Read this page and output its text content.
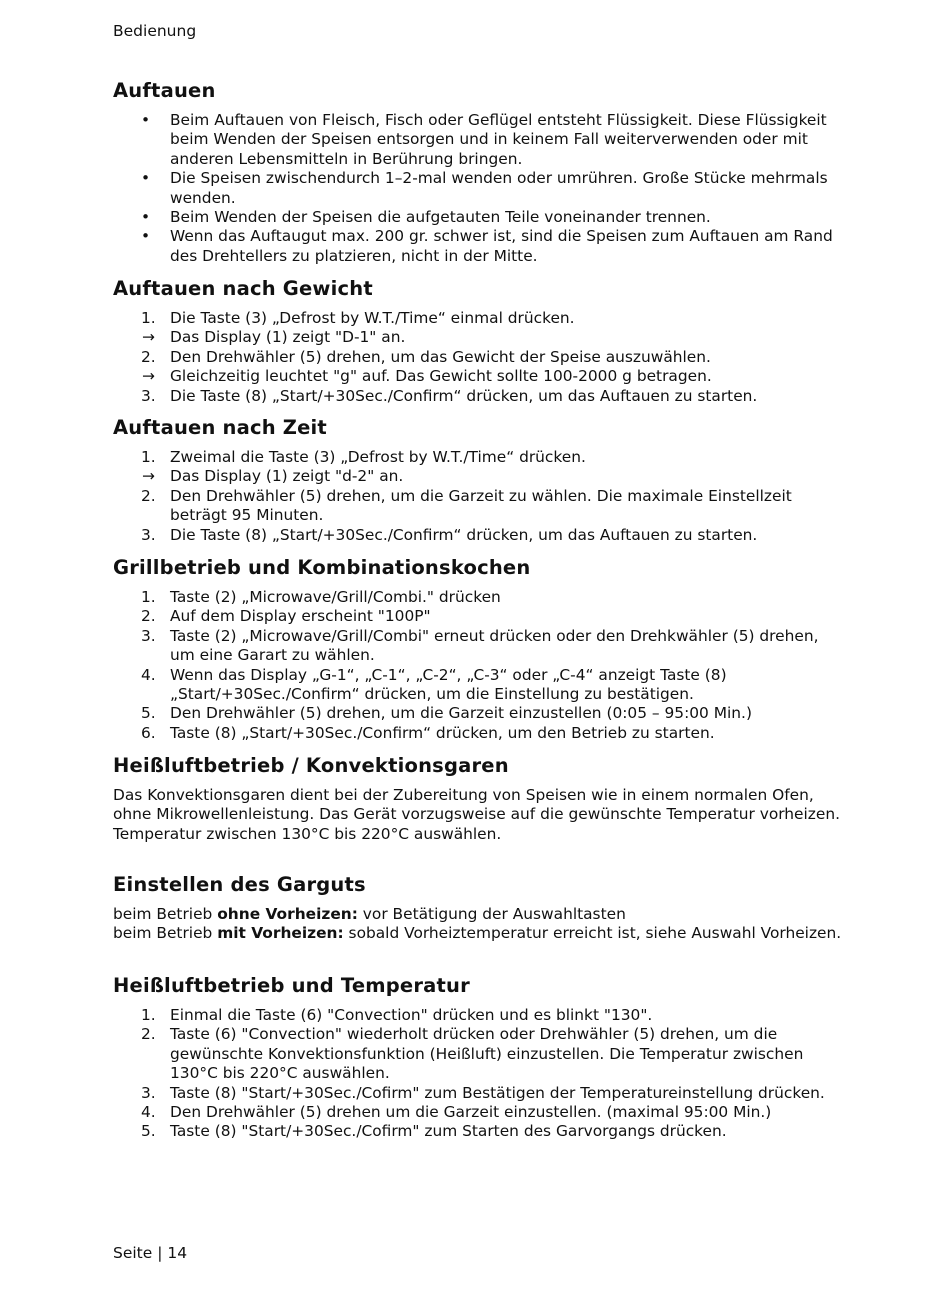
Bedienung
Auftauen
• Beim Auftauen von Fleisch, Fisch oder Geflügel entsteht Flüssigkeit. Diese Flüssigkeit beim Wenden der Speisen entsorgen und in keinem Fall weiterverwenden oder mit anderen Lebensmitteln in Berührung bringen.
• Die Speisen zwischendurch 1–2-mal wenden oder umrühren. Große Stücke mehrmals wenden.
• Beim Wenden der Speisen die aufgetauten Teile voneinander trennen.
• Wenn das Auftaugut max. 200 gr. schwer ist, sind die Speisen zum Auftauen am Rand des Drehtellers zu platzieren, nicht in der Mitte.
Auftauen nach Gewicht
1. Die Taste (3) „Defrost by W.T./Time“ einmal drücken.
→ Das Display (1) zeigt "D-1" an.
2. Den Drehwähler (5) drehen, um das Gewicht der Speise auszuwählen.
→ Gleichzeitig leuchtet "g" auf. Das Gewicht sollte 100-2000 g betragen.
3. Die Taste (8) „Start/+30Sec./Confirm“ drücken, um das Auftauen zu starten.
Auftauen nach Zeit
1. Zweimal die Taste (3) „Defrost by W.T./Time“ drücken.
→ Das Display (1) zeigt "d-2" an.
2. Den Drehwähler (5) drehen, um die Garzeit zu wählen. Die maximale Einstellzeit beträgt 95 Minuten.
3. Die Taste (8) „Start/+30Sec./Confirm“ drücken, um das Auftauen zu starten.
Grillbetrieb und Kombinationskochen
1. Taste (2) „Microwave/Grill/Combi." drücken
2. Auf dem Display erscheint "100P"
3. Taste (2) „Microwave/Grill/Combi" erneut drücken oder den Drehkwähler (5) drehen, um eine Garart zu wählen.
4. Wenn das Display „G-1“, „C-1“, „C-2“, „C-3“ oder „C-4“ anzeigt Taste (8) „Start/+30Sec./Confirm“ drücken, um die Einstellung zu bestätigen.
5. Den Drehwähler (5) drehen, um die Garzeit einzustellen (0:05 – 95:00 Min.)
6. Taste (8) „Start/+30Sec./Confirm“ drücken, um den Betrieb zu starten.
Heißluftbetrieb / Konvektionsgaren

Das Konvektionsgaren dient bei der Zubereitung von Speisen wie in einem normalen Ofen, ohne Mikrowellenleistung. Das Gerät vorzugsweise auf die gewünschte Temperatur vorheizen.

Temperatur zwischen 130°C bis 220°C auswählen.

Einstellen des Garguts

beim Betrieb ohne Vorheizen: vor Betätigung der Auswahltasten

beim Betrieb mit Vorheizen: sobald Vorheiztemperatur erreicht ist, siehe Auswahl Vorheizen.

Heißluftbetrieb und Temperatur
1. Einmal die Taste (6) "Convection" drücken und es blinkt "130".
2. Taste (6) "Convection" wiederholt drücken oder Drehwähler (5) drehen, um die gewünschte Konvektionsfunktion (Heißluft) einzustellen. Die Temperatur zwischen 130°C bis 220°C auswählen.
3. Taste (8) "Start/+30Sec./Cofirm" zum Bestätigen der Temperatureinstellung drücken.
4. Den Drehwähler (5) drehen um die Garzeit einzustellen. (maximal 95:00 Min.)
5. Taste (8) "Start/+30Sec./Cofirm" zum Starten des Garvorgangs drücken.
Seite | 14
